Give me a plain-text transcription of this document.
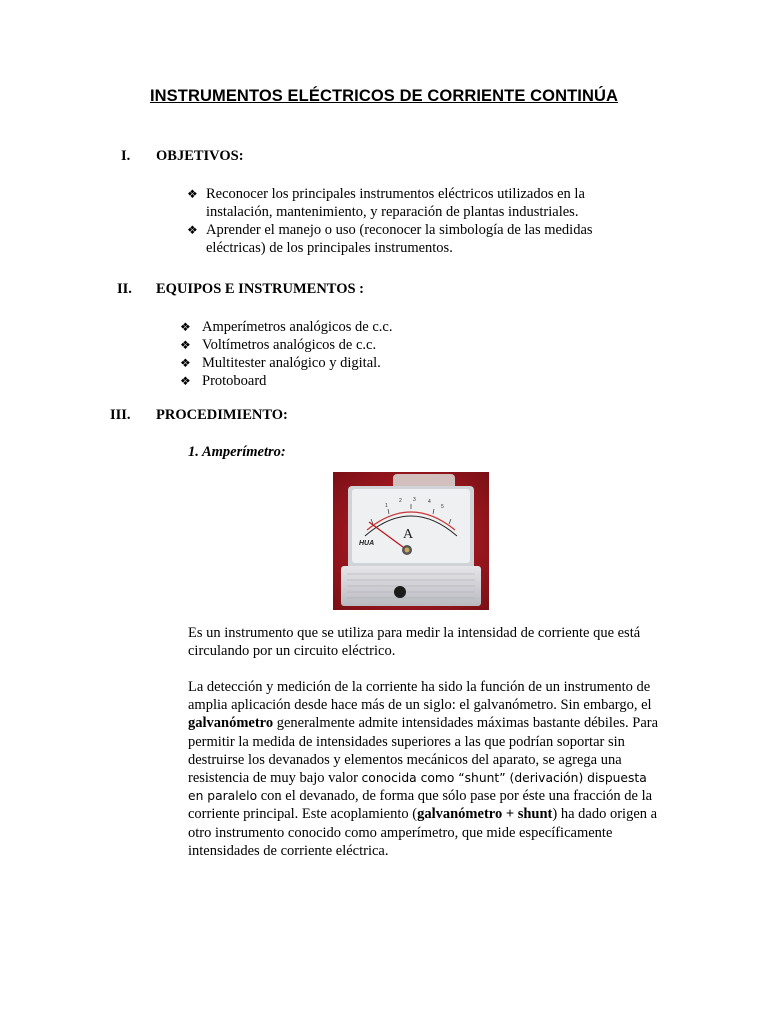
INSTRUMENTOS ELÉCTRICOS DE CORRIENTE CONTINÚA
I. OBJETIVOS:
❖ Reconocer los principales instrumentos eléctricos utilizados en la instalación, mantenimiento, y reparación de plantas industriales.
❖ Aprender el manejo o uso (reconocer la simbología de las medidas eléctricas) de los principales instrumentos.
II. EQUIPOS E INSTRUMENTOS :
❖ Amperímetros analógicos de c.c.
❖ Voltímetros analógicos de c.c.
❖ Multitester analógico y digital.
❖ Protoboard
III. PROCEDIMIENTO:
1. Amperímetro:
1
2 3 4
5
A
HUA

Es un instrumento que se utiliza para medir la intensidad de corriente que está circulando por un circuito eléctrico.

La detección y medición de la corriente ha sido la función de un instrumento de amplia aplicación desde hace más de un siglo: el galvanómetro. Sin embargo, el galvanómetro generalmente admite intensidades máximas bastante débiles. Para permitir la medida de intensidades superiores a las que podrían soportar sin destruirse los devanados y elementos mecánicos del aparato, se agrega una resistencia de muy bajo valor conocida como “shunt” (derivación) dispuesta en paralelo con el devanado, de forma que sólo pase por éste una fracción de la corriente principal. Este acoplamiento (galvanómetro + shunt) ha dado origen a otro instrumento conocido como amperímetro, que mide específicamente intensidades de corriente eléctrica.
